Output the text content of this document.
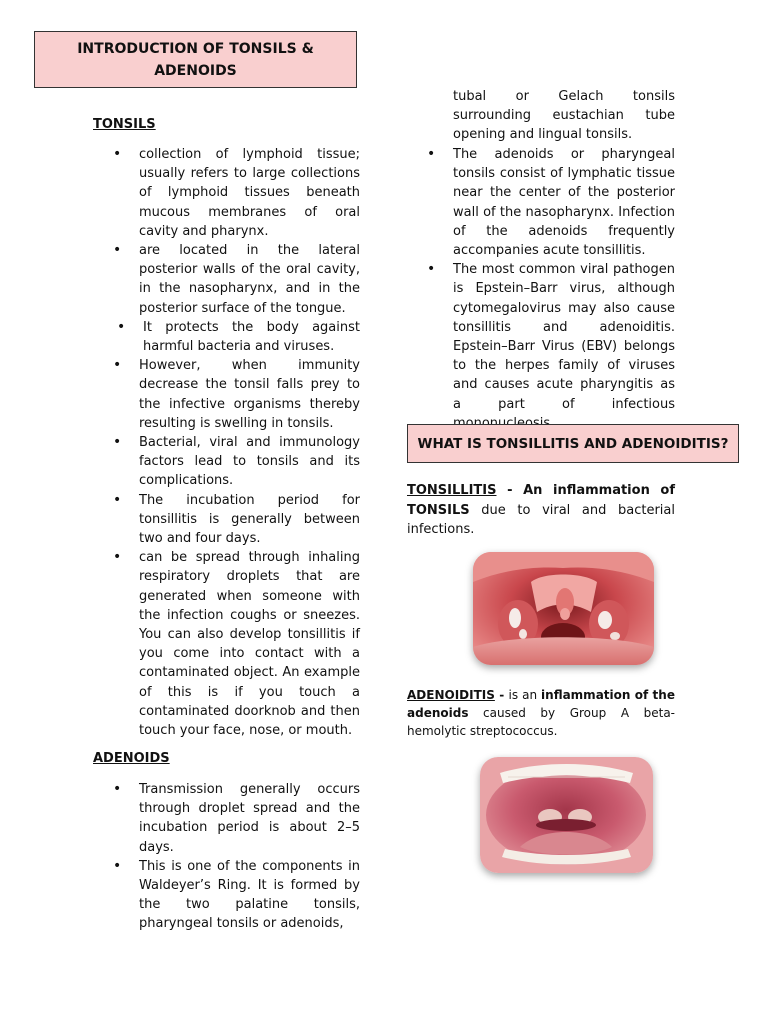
INTRODUCTION OF TONSILS & ADENOIDS
TONSILS
• collection of lymphoid tissue; usually refers to large collections of lymphoid tissues beneath mucous membranes of oral cavity and pharynx.
• are located in the lateral posterior walls of the oral cavity, in the nasopharynx, and in the posterior surface of the tongue.
• It protects the body against harmful bacteria and viruses.
• However, when immunity decrease the tonsil falls prey to the infective organisms thereby resulting is swelling in tonsils.
• Bacterial, viral and immunology factors lead to tonsils and its complications.
• The incubation period for tonsillitis is generally between two and four days.
• can be spread through inhaling respiratory droplets that are generated when someone with the infection coughs or sneezes. You can also develop tonsillitis if you come into contact with a contaminated object. An example of this is if you touch a contaminated doorknob and then touch your face, nose, or mouth.
ADENOIDS
• Transmission generally occurs through droplet spread and the incubation period is about 2–5 days.
• This is one of the components in Waldeyer’s Ring. It is formed by the two palatine tonsils, pharyngeal tonsils or adenoids,
tubal or Gelach tonsils surrounding eustachian tube opening and lingual tonsils.
• The adenoids or pharyngeal tonsils consist of lymphatic tissue near the center of the posterior wall of the nasopharynx. Infection of the adenoids frequently accompanies acute tonsillitis.
• The most common viral pathogen is Epstein–Barr virus, although cytomegalovirus may also cause tonsillitis and adenoiditis. Epstein–Barr Virus (EBV) belongs to the herpes family of viruses and causes acute pharyngitis as a part of infectious
WHAT IS TONSILLITIS AND ADENOIDITIS?
TONSILLITIS - An inflammation of TONSILS due to viral and bacterial infections.
ADENOIDITIS - is an inflammation of the adenoids caused by Group A beta-hemolytic streptococcus.
